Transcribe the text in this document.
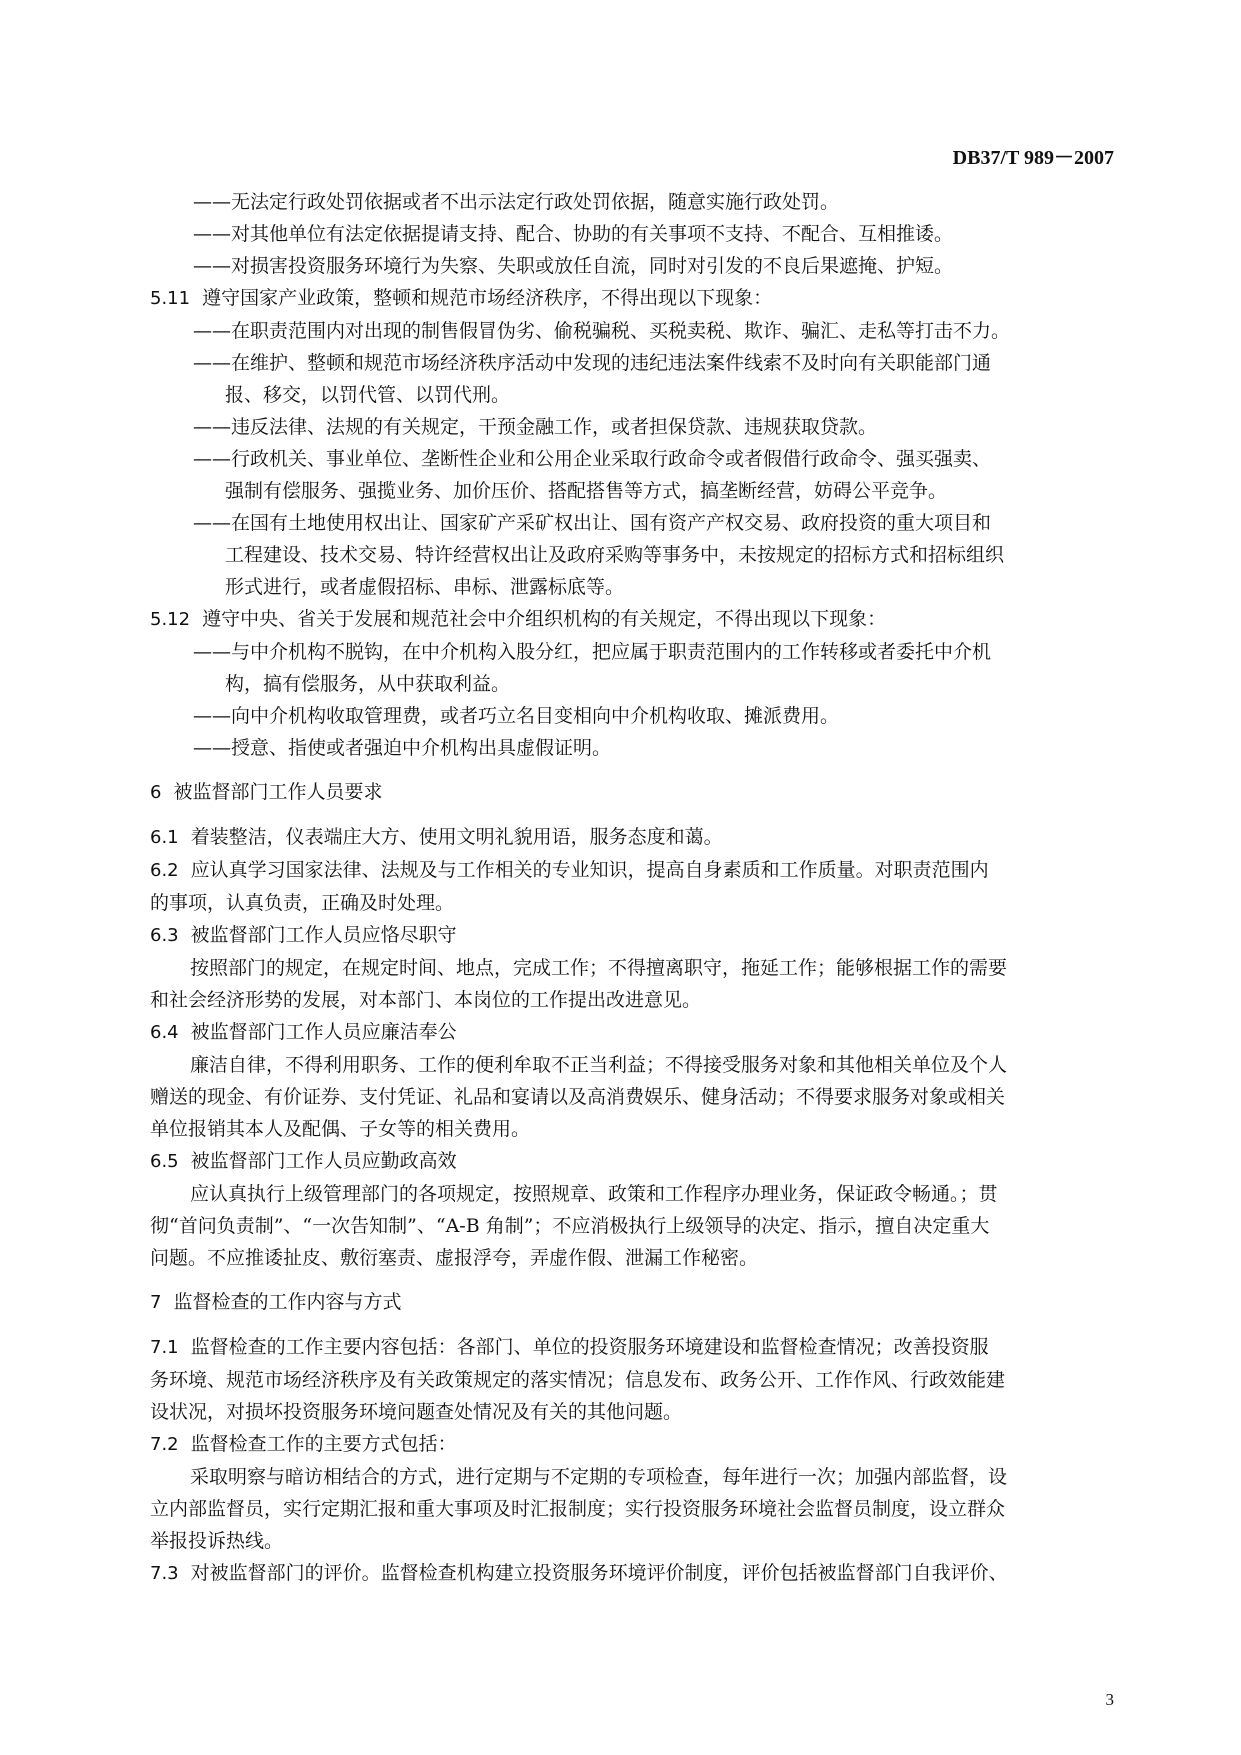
DB37/T 989－2007
——无法定行政处罚依据或者不出示法定行政处罚依据，随意实施行政处罚。
——对其他单位有法定依据提请支持、配合、协助的有关事项不支持、不配合、互相推诿。
——对损害投资服务环境行为失察、失职或放任自流，同时对引发的不良后果遮掩、护短。
5.11 遵守国家产业政策，整顿和规范市场经济秩序，不得出现以下现象：
——在职责范围内对出现的制售假冒伪劣、偷税骗税、买税卖税、欺诈、骗汇、走私等打击不力。
——在维护、整顿和规范市场经济秩序活动中发现的违纪违法案件线索不及时向有关职能部门通
报、移交，以罚代管、以罚代刑。
——违反法律、法规的有关规定，干预金融工作，或者担保贷款、违规获取贷款。
——行政机关、事业单位、垄断性企业和公用企业采取行政命令或者假借行政命令、强买强卖、
强制有偿服务、强揽业务、加价压价、搭配搭售等方式，搞垄断经营，妨碍公平竞争。
——在国有土地使用权出让、国家矿产采矿权出让、国有资产产权交易、政府投资的重大项目和
工程建设、技术交易、特许经营权出让及政府采购等事务中，未按规定的招标方式和招标组织
形式进行，或者虚假招标、串标、泄露标底等。
5.12 遵守中央、省关于发展和规范社会中介组织机构的有关规定，不得出现以下现象：
——与中介机构不脱钩，在中介机构入股分红，把应属于职责范围内的工作转移或者委托中介机
构，搞有偿服务，从中获取利益。
——向中介机构收取管理费，或者巧立名目变相向中介机构收取、摊派费用。
——授意、指使或者强迫中介机构出具虚假证明。
6 被监督部门工作人员要求
6.1 着装整洁，仪表端庄大方、使用文明礼貌用语，服务态度和蔼。
6.2 应认真学习国家法律、法规及与工作相关的专业知识，提高自身素质和工作质量。对职责范围内
的事项，认真负责，正确及时处理。
6.3 被监督部门工作人员应恪尽职守
按照部门的规定，在规定时间、地点，完成工作；不得擅离职守，拖延工作；能够根据工作的需要
和社会经济形势的发展，对本部门、本岗位的工作提出改进意见。
6.4 被监督部门工作人员应廉洁奉公
廉洁自律，不得利用职务、工作的便利牟取不正当利益；不得接受服务对象和其他相关单位及个人
赠送的现金、有价证券、支付凭证、礼品和宴请以及高消费娱乐、健身活动；不得要求服务对象或相关
单位报销其本人及配偶、子女等的相关费用。
6.5 被监督部门工作人员应勤政高效
应认真执行上级管理部门的各项规定，按照规章、政策和工作程序办理业务，保证政令畅通。；贯
彻“首问负责制”、“一次告知制”、“A-B 角制”；不应消极执行上级领导的决定、指示，擅自决定重大
问题。不应推诿扯皮、敷衍塞责、虚报浮夸，弄虚作假、泄漏工作秘密。
7 监督检查的工作内容与方式
7.1 监督检查的工作主要内容包括：各部门、单位的投资服务环境建设和监督检查情况；改善投资服
务环境、规范市场经济秩序及有关政策规定的落实情况；信息发布、政务公开、工作作风、行政效能建
设状况，对损坏投资服务环境问题查处情况及有关的其他问题。
7.2 监督检查工作的主要方式包括：
采取明察与暗访相结合的方式，进行定期与不定期的专项检查，每年进行一次；加强内部监督，设
立内部监督员，实行定期汇报和重大事项及时汇报制度；实行投资服务环境社会监督员制度，设立群众
举报投诉热线。
7.3 对被监督部门的评价。监督检查机构建立投资服务环境评价制度，评价包括被监督部门自我评价、
3
